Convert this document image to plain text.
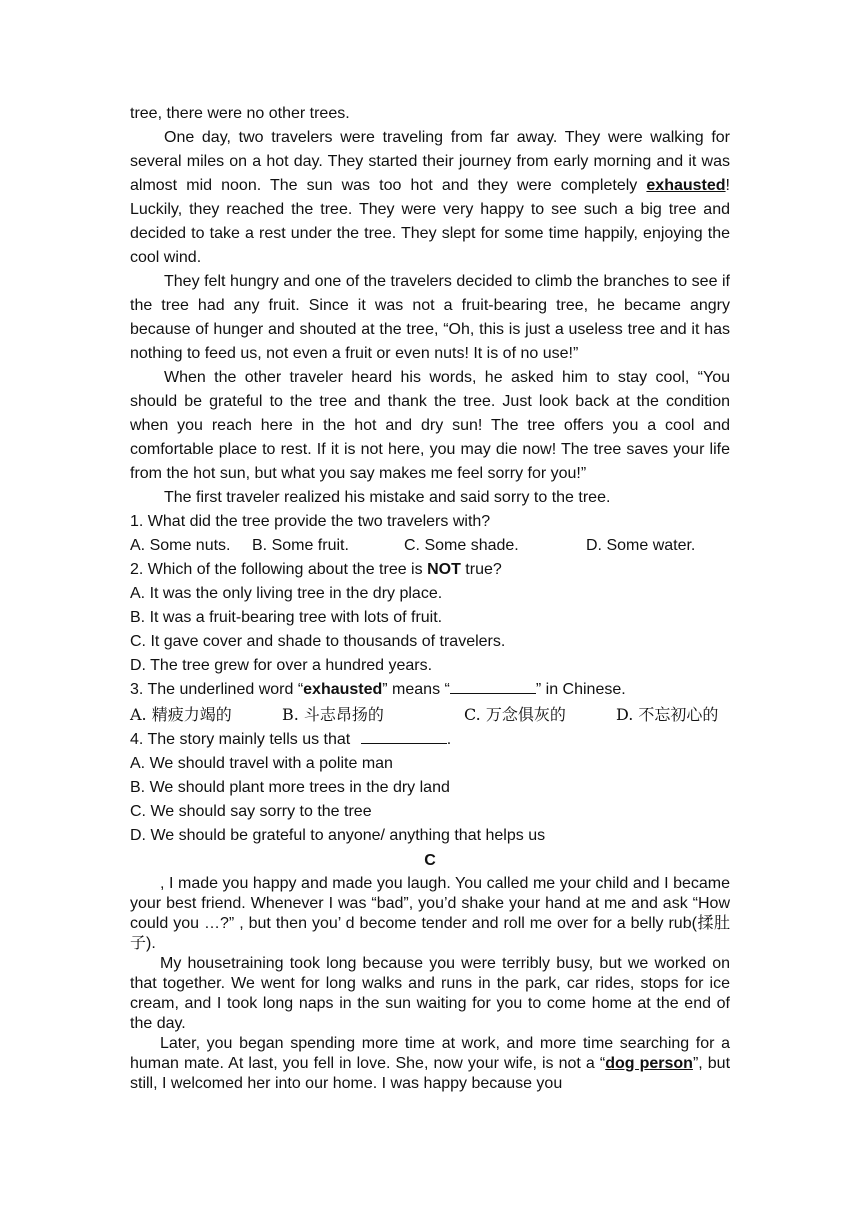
tree, there were no other trees.

One day, two travelers were traveling from far away. They were walking for several miles on a hot day. They started their journey from early morning and it was almost mid noon. The sun was too hot and they were completely exhausted! Luckily, they reached the tree. They were very happy to see such a big tree and decided to take a rest under the tree. They slept for some time happily, enjoying the cool wind.

They felt hungry and one of the travelers decided to climb the branches to see if the tree had any fruit. Since it was not a fruit-bearing tree, he became angry because of hunger and shouted at the tree, “Oh, this is just a useless tree and it has nothing to feed us, not even a fruit or even nuts! It is of no use!”

When the other traveler heard his words, he asked him to stay cool, “You should be grateful to the tree and thank the tree. Just look back at the condition when you reach here in the hot and dry sun! The tree offers you a cool and comfortable place to rest. If it is not here, you may die now! The tree saves your life from the hot sun, but what you say makes me feel sorry for you!”

The first traveler realized his mistake and said sorry to the tree.

1. What did the tree provide the two travelers with?

A. Some nuts.	B. Some fruit.	C. Some shade.	D. Some water.

2. Which of the following about the tree is NOT true?

A. It was the only living tree in the dry place.

B. It was a fruit-bearing tree with lots of fruit.

C. It gave cover and shade to thousands of travelers.

D. The tree grew for over a hundred years.

3. The underlined word “exhausted” means “	” in Chinese.

A. 精疲力竭的	B. 斗志昂扬的	C. 万念俱灰的	D. 不忘初心的

4. The story mainly tells us that	.

A. We should travel with a polite man

B. We should plant more trees in the dry land

C. We should say sorry to the tree

D. We should be grateful to anyone/ anything that helps us

C

, I made you happy and made you laugh. You called me your child and I became your best friend. Whenever I was “bad”, you’d shake your hand at me and ask “How could you …?” , but then you’ d become tender and roll me over for a belly rub(揉肚子).

My housetraining took long because you were terribly busy, but we worked on that together. We went for long walks and runs in the park, car rides, stops for ice cream, and I took long naps in the sun waiting for you to come home at the end of the day.

Later, you began spending more time at work, and more time searching for a human mate. At last, you fell in love. She, now your wife, is not a “dog person”, but still, I welcomed her into our home. I was happy because you
